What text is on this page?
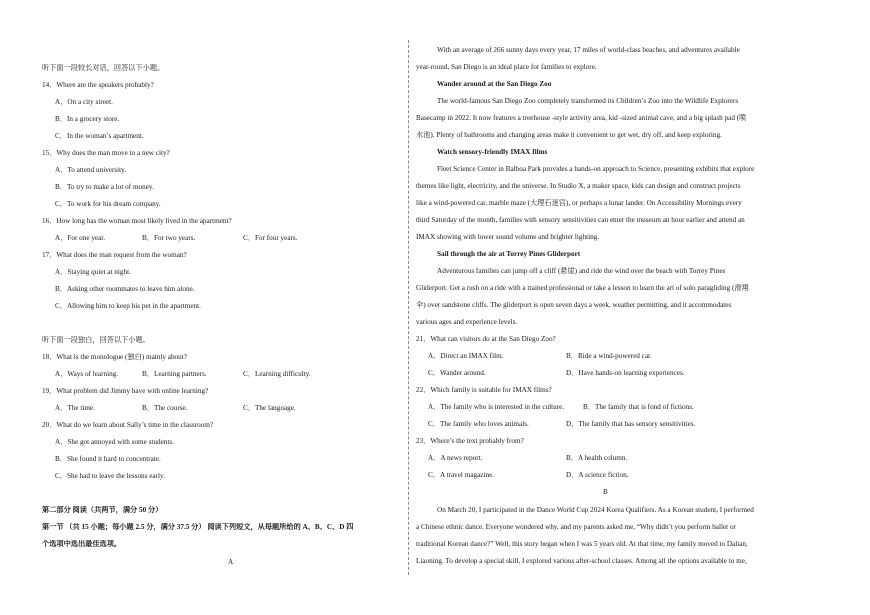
听下面一段较长对话，回答以下小题。
14．Where are the speakers probably?
A．On a city street.
B．In a grocery store.
C．In the woman’s apartment.
15．Why does the man move to a new city?
A．To attend university.
B．To try to make a lot of money.
C．To work for his dream company.
16．How long has the woman most likely lived in the apartment?
A．For one year.	B．For two years.	C．For four years.
17．What does the man request from the woman?
A．Staying quiet at night.
B．Asking other roommates to leave him alone.
C．Allowing him to keep his pet in the apartment.
听下面一段独白，回答以下小题。
18．What is the monologue (独白) mainly about?
A．Ways of learning.	B．Learning partners.	C．Learning difficulty.
19．What problem did Jimmy have with online learning?
A．The time.	B．The course.	C．The language.
20．What do we learn about Sally’s time in the classroom?
A．She got annoyed with some students.
B．She found it hard to concentrate.
C．She had to leave the lessons early.
第二部分 阅读（共两节，满分 50 分）
第一节 （共 15 小题；每小题 2.5 分，满分 37.5 分） 阅读下列短文，从每题所给的 A、B、C、D 四
个选项中选出最佳选项。
A
With an average of 266 sunny days every year, 17 miles of world-class beaches, and adventures available
year-round, San Diego is an ideal place for families to explore.
Wander around at the San Diego Zoo
The world-famous San Diego Zoo completely transformed its Children’s Zoo into the Wildlife Explorers
Basecamp in 2022. It now features a treehouse -style activity area, kid -sized animal cave, and a big splash pad (喷
水池). Plenty of bathrooms and changing areas make it convenient to get wet, dry off, and keep exploring.
Watch sensory-friendly IMAX films
Fleet Science Center in Balboa Park provides a hands-on approach to Science, presenting exhibits that explore
themes like light, electricity, and the universe. In Studio X, a maker space, kids can design and construct projects
like a wind-powered car, marble maze (大理石迷宫), or perhaps a lunar lander. On Accessibility Mornings every
third Saturday of the month, families with sensory sensitivities can enter the museum an hour earlier and attend an
IMAX showing with lower sound volume and brighter lighting.
Sail through the air at Torrey Pines Gliderport
Adventurous families can jump off a cliff (悬崖) and ride the wind over the beach with Torrey Pines
Gliderport. Get a rush on a ride with a trained professional or take a lesson to learn the art of solo paragliding (滑翔
伞) over sandstone cliffs. The gliderport is open seven days a week, weather permitting, and it accommodates
various ages and experience levels.
21．What can visitors do at the San Diego Zoo?
A．Direct an IMAX film.	B．Ride a wind-powered car.
C．Wander around.	D．Have hands-on learning experiences.
22．Which family is suitable for IMAX films?
A．The family who is interested in the culture.	B．The family that is fond of fictions.
C．The family who loves animals.	D．The family that has sensory sensitivities.
23．Where’s the text probably from?
A．A news report.	B．A health column.
C．A travel magazine.	D．A science fiction.
B
On March 20, I participated in the Dance World Cup 2024 Korea Qualifiers. As a Korean student, I performed
a Chinese ethnic dance. Everyone wondered why, and my parents asked me, “Why didn’t you perform ballet or
traditional Korean dance?” Well, this story began when I was 5 years old. At that time, my family moved to Dalian,
Liaoning. To develop a special skill, I explored various after-school classes. Among all the options available to me,
